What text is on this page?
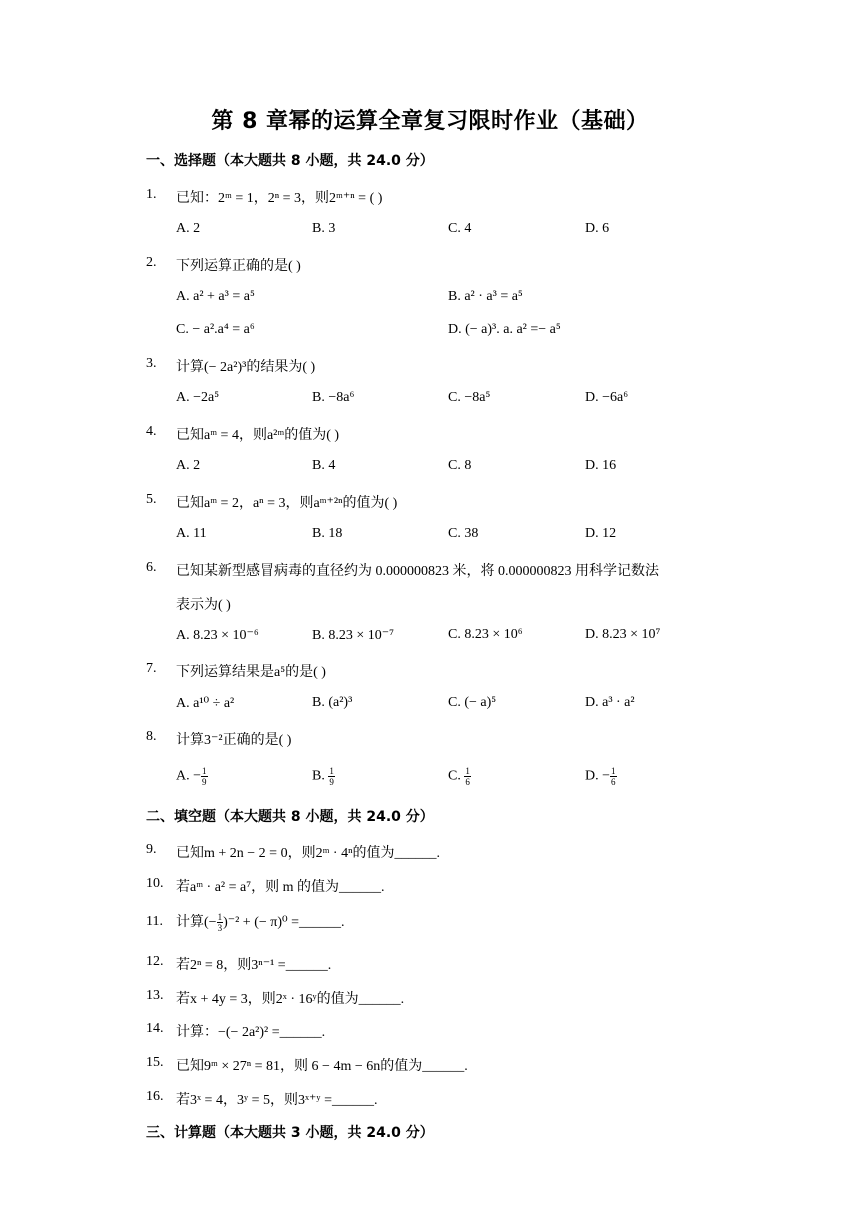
第 8 章幂的运算全章复习限时作业（基础）
一、选择题（本大题共 8 小题，共 24.0 分）
1. 已知：2ᵐ = 1，2ⁿ = 3，则2ᵐ⁺ⁿ = ( )
A. 2	B. 3	C. 4	D. 6
2. 下列运算正确的是( )
A. a² + a³ = a⁵	B. a² · a³ = a⁵
C. − a².a⁴ = a⁶	D. (− a)³. a. a² =− a⁵
3. 计算(− 2a²)³的结果为( )
A. −2a⁵	B. −8a⁶	C. −8a⁵	D. −6a⁶
4. 已知aᵐ = 4，则a²ᵐ的值为( )
A. 2	B. 4	C. 8	D. 16
5. 已知aᵐ = 2，aⁿ = 3，则aᵐ⁺²ⁿ的值为( )
A. 11	B. 18	C. 38	D. 12
6. 已知某新型感冒病毒的直径约为 0.000000823 米，将 0.000000823 用科学记数法
表示为( )
A. 8.23 × 10⁻⁶	B. 8.23 × 10⁻⁷	C. 8.23 × 10⁶	D. 8.23 × 10⁷
7. 下列运算结果是a⁵的是( )
A. a¹⁰ ÷ a²	B. (a²)³	C. (− a)⁵	D. a³ · a²
8. 计算3⁻²正确的是( )
A. − $\frac{1}{9}$	B. $\frac{1}{9}$	C. $\frac{1}{6}$	D. − $\frac{1}{6}$
二、填空题（本大题共 8 小题，共 24.0 分）
9. 已知m + 2n − 2 = 0，则2ᵐ · 4ⁿ的值为______.
10. 若aᵐ · a² = a⁷，则 m 的值为______.
11. 计算(− $\frac{1}{3} )^{-2}$ + (− π)⁰ =______.
12. 若2ⁿ = 8，则3ⁿ⁻¹ =______.
13. 若x + 4y = 3，则2ˣ · 16ʸ的值为______.
14. 计算：−(− 2a²)² =______.
15. 已知9ᵐ × 27ⁿ = 81，则 6 − 4m − 6n的值为______.
16. 若3ˣ = 4，3ʸ = 5，则3ˣ⁺ʸ =______.
三、计算题（本大题共 3 小题，共 24.0 分）
